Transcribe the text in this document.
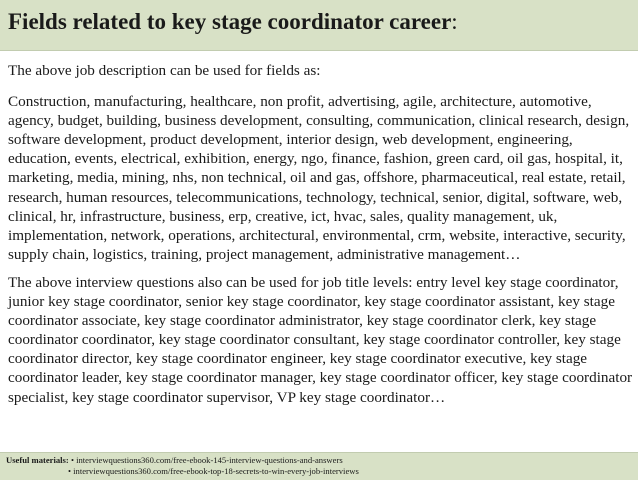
Fields related to key stage coordinator career:

The above job description can be used for fields as:

Construction, manufacturing, healthcare, non profit, advertising, agile, architecture, automotive, agency, budget, building, business development, consulting, communication, clinical research, design, software development, product development, interior design, web development, engineering, education, events, electrical, exhibition, energy, ngo, finance, fashion, green card, oil gas, hospital, it, marketing, media, mining, nhs, non technical, oil and gas, offshore, pharmaceutical, real estate, retail, research, human resources, telecommunications, technology, technical, senior, digital, software, web, clinical, hr, infrastructure, business, erp, creative, ict, hvac, sales, quality management, uk, implementation, network, operations, architectural, environmental, crm, website, interactive, security, supply chain, logistics, training, project management, administrative management…

The above interview questions also can be used for job title levels: entry level key stage coordinator, junior key stage coordinator, senior key stage coordinator, key stage coordinator assistant, key stage coordinator associate, key stage coordinator administrator, key stage coordinator clerk, key stage coordinator coordinator, key stage coordinator consultant, key stage coordinator controller, key stage coordinator director, key stage coordinator engineer, key stage coordinator executive, key stage coordinator leader, key stage coordinator manager, key stage coordinator officer, key stage coordinator specialist, key stage coordinator supervisor, VP key stage coordinator…

Useful materials:
• interviewquestions360.com/free-ebook-145-interview-questions-and-answers
• interviewquestions360.com/free-ebook-top-18-secrets-to-win-every-job-interviews
